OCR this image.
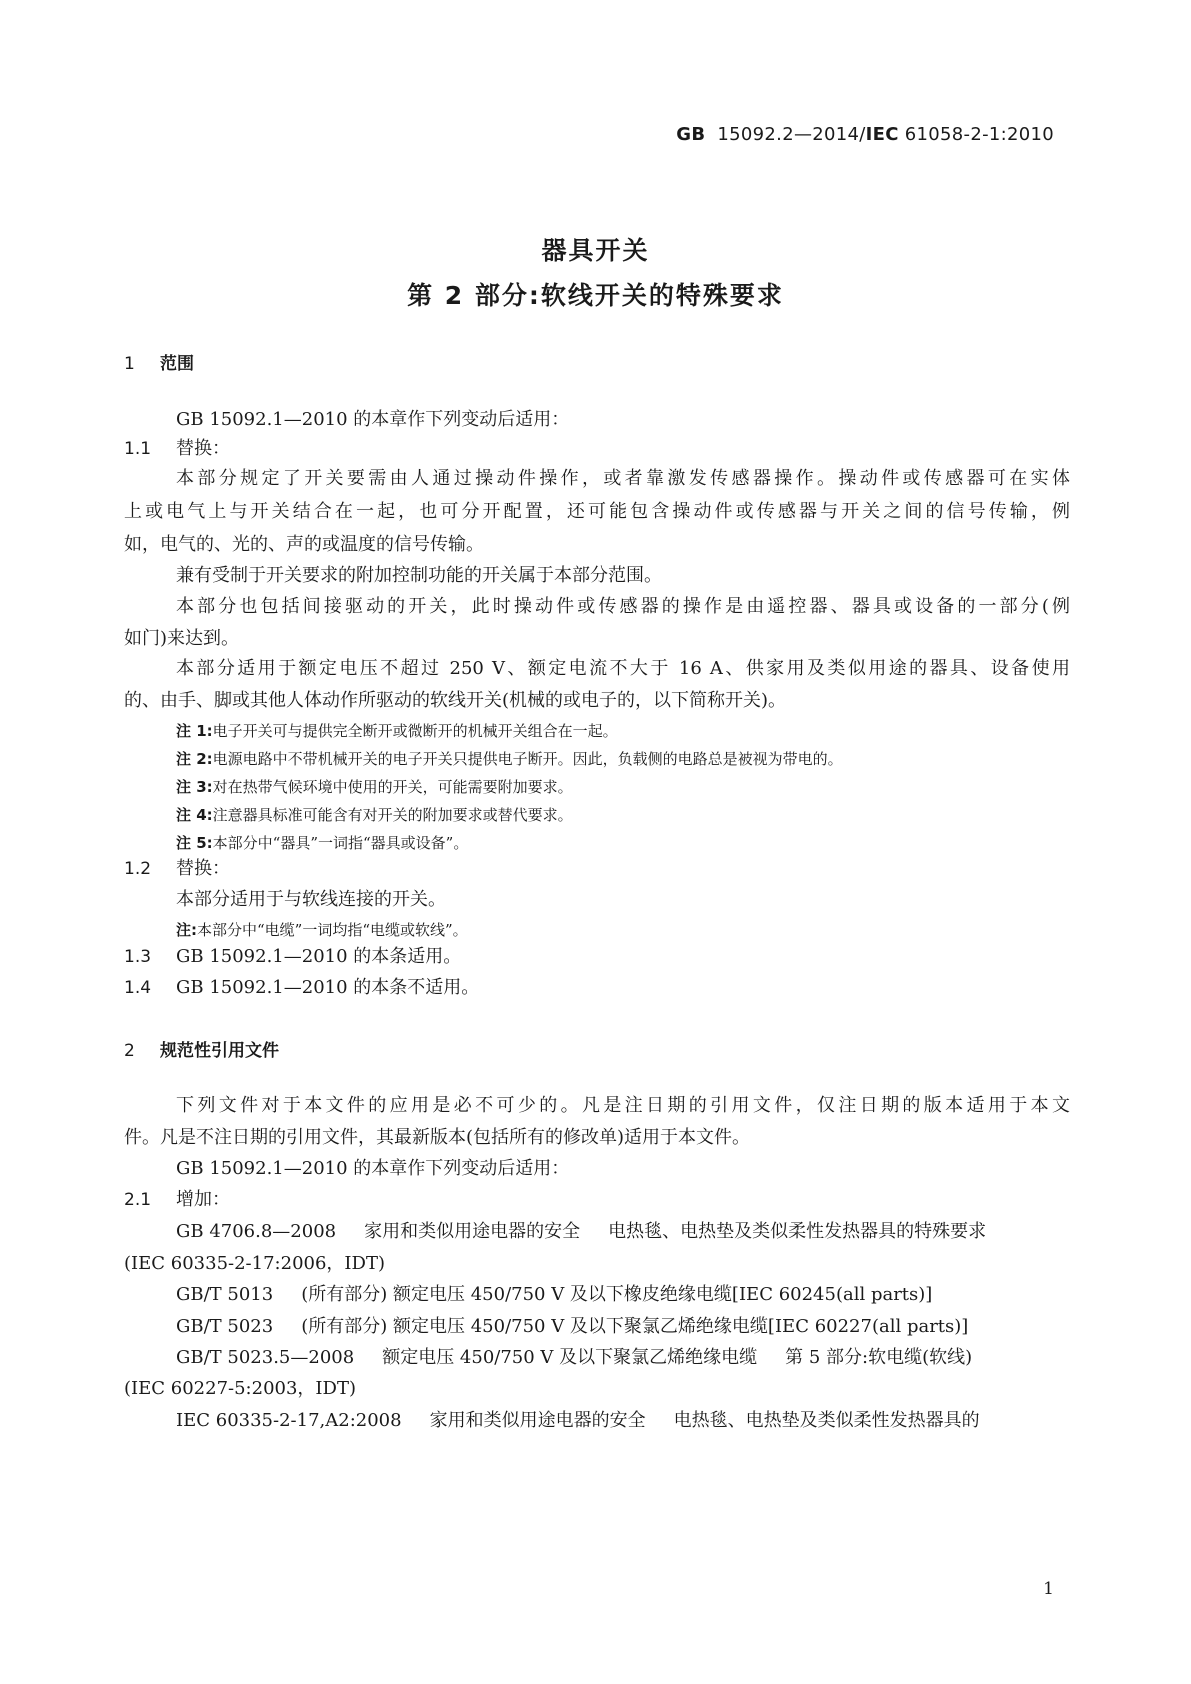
GB 15092.2—2014/IEC 61058-2-1:2010
器具开关
第 2 部分:软线开关的特殊要求
1 范围
GB 15092.1—2010 的本章作下列变动后适用：
1.1 替换：
本部分规定了开关要需由人通过操动件操作，或者靠激发传感器操作。操动件或传感器可在实体
上或电气上与开关结合在一起，也可分开配置，还可能包含操动件或传感器与开关之间的信号传输，例
如，电气的、光的、声的或温度的信号传输。
兼有受制于开关要求的附加控制功能的开关属于本部分范围。
本部分也包括间接驱动的开关，此时操动件或传感器的操作是由遥控器、器具或设备的一部分(例
如门)来达到。
本部分适用于额定电压不超过 250 V、额定电流不大于 16 A、供家用及类似用途的器具、设备使用
的、由手、脚或其他人体动作所驱动的软线开关(机械的或电子的，以下简称开关)。
注 1:电子开关可与提供完全断开或微断开的机械开关组合在一起。
注 2:电源电路中不带机械开关的电子开关只提供电子断开。因此，负载侧的电路总是被视为带电的。
注 3:对在热带气候环境中使用的开关，可能需要附加要求。
注 4:注意器具标准可能含有对开关的附加要求或替代要求。
注 5:本部分中“器具”一词指“器具或设备”。
1.2 替换：
本部分适用于与软线连接的开关。
注:本部分中“电缆”一词均指“电缆或软线”。
1.3 GB 15092.1—2010 的本条适用。
1.4 GB 15092.1—2010 的本条不适用。
2 规范性引用文件
下列文件对于本文件的应用是必不可少的。凡是注日期的引用文件，仅注日期的版本适用于本文
件。凡是不注日期的引用文件，其最新版本(包括所有的修改单)适用于本文件。
GB 15092.1—2010 的本章作下列变动后适用：
2.1 增加：
GB 4706.8—2008 家用和类似用途电器的安全 电热毯、电热垫及类似柔性发热器具的特殊要求
(IEC 60335-2-17:2006，IDT)
GB/T 5013 (所有部分) 额定电压 450/750 V 及以下橡皮绝缘电缆[IEC 60245(all parts)]
GB/T 5023 (所有部分) 额定电压 450/750 V 及以下聚氯乙烯绝缘电缆[IEC 60227(all parts)]
GB/T 5023.5—2008 额定电压 450/750 V 及以下聚氯乙烯绝缘电缆 第 5 部分:软电缆(软线)
(IEC 60227-5:2003，IDT)
IEC 60335-2-17,A2:2008 家用和类似用途电器的安全 电热毯、电热垫及类似柔性发热器具的
1
